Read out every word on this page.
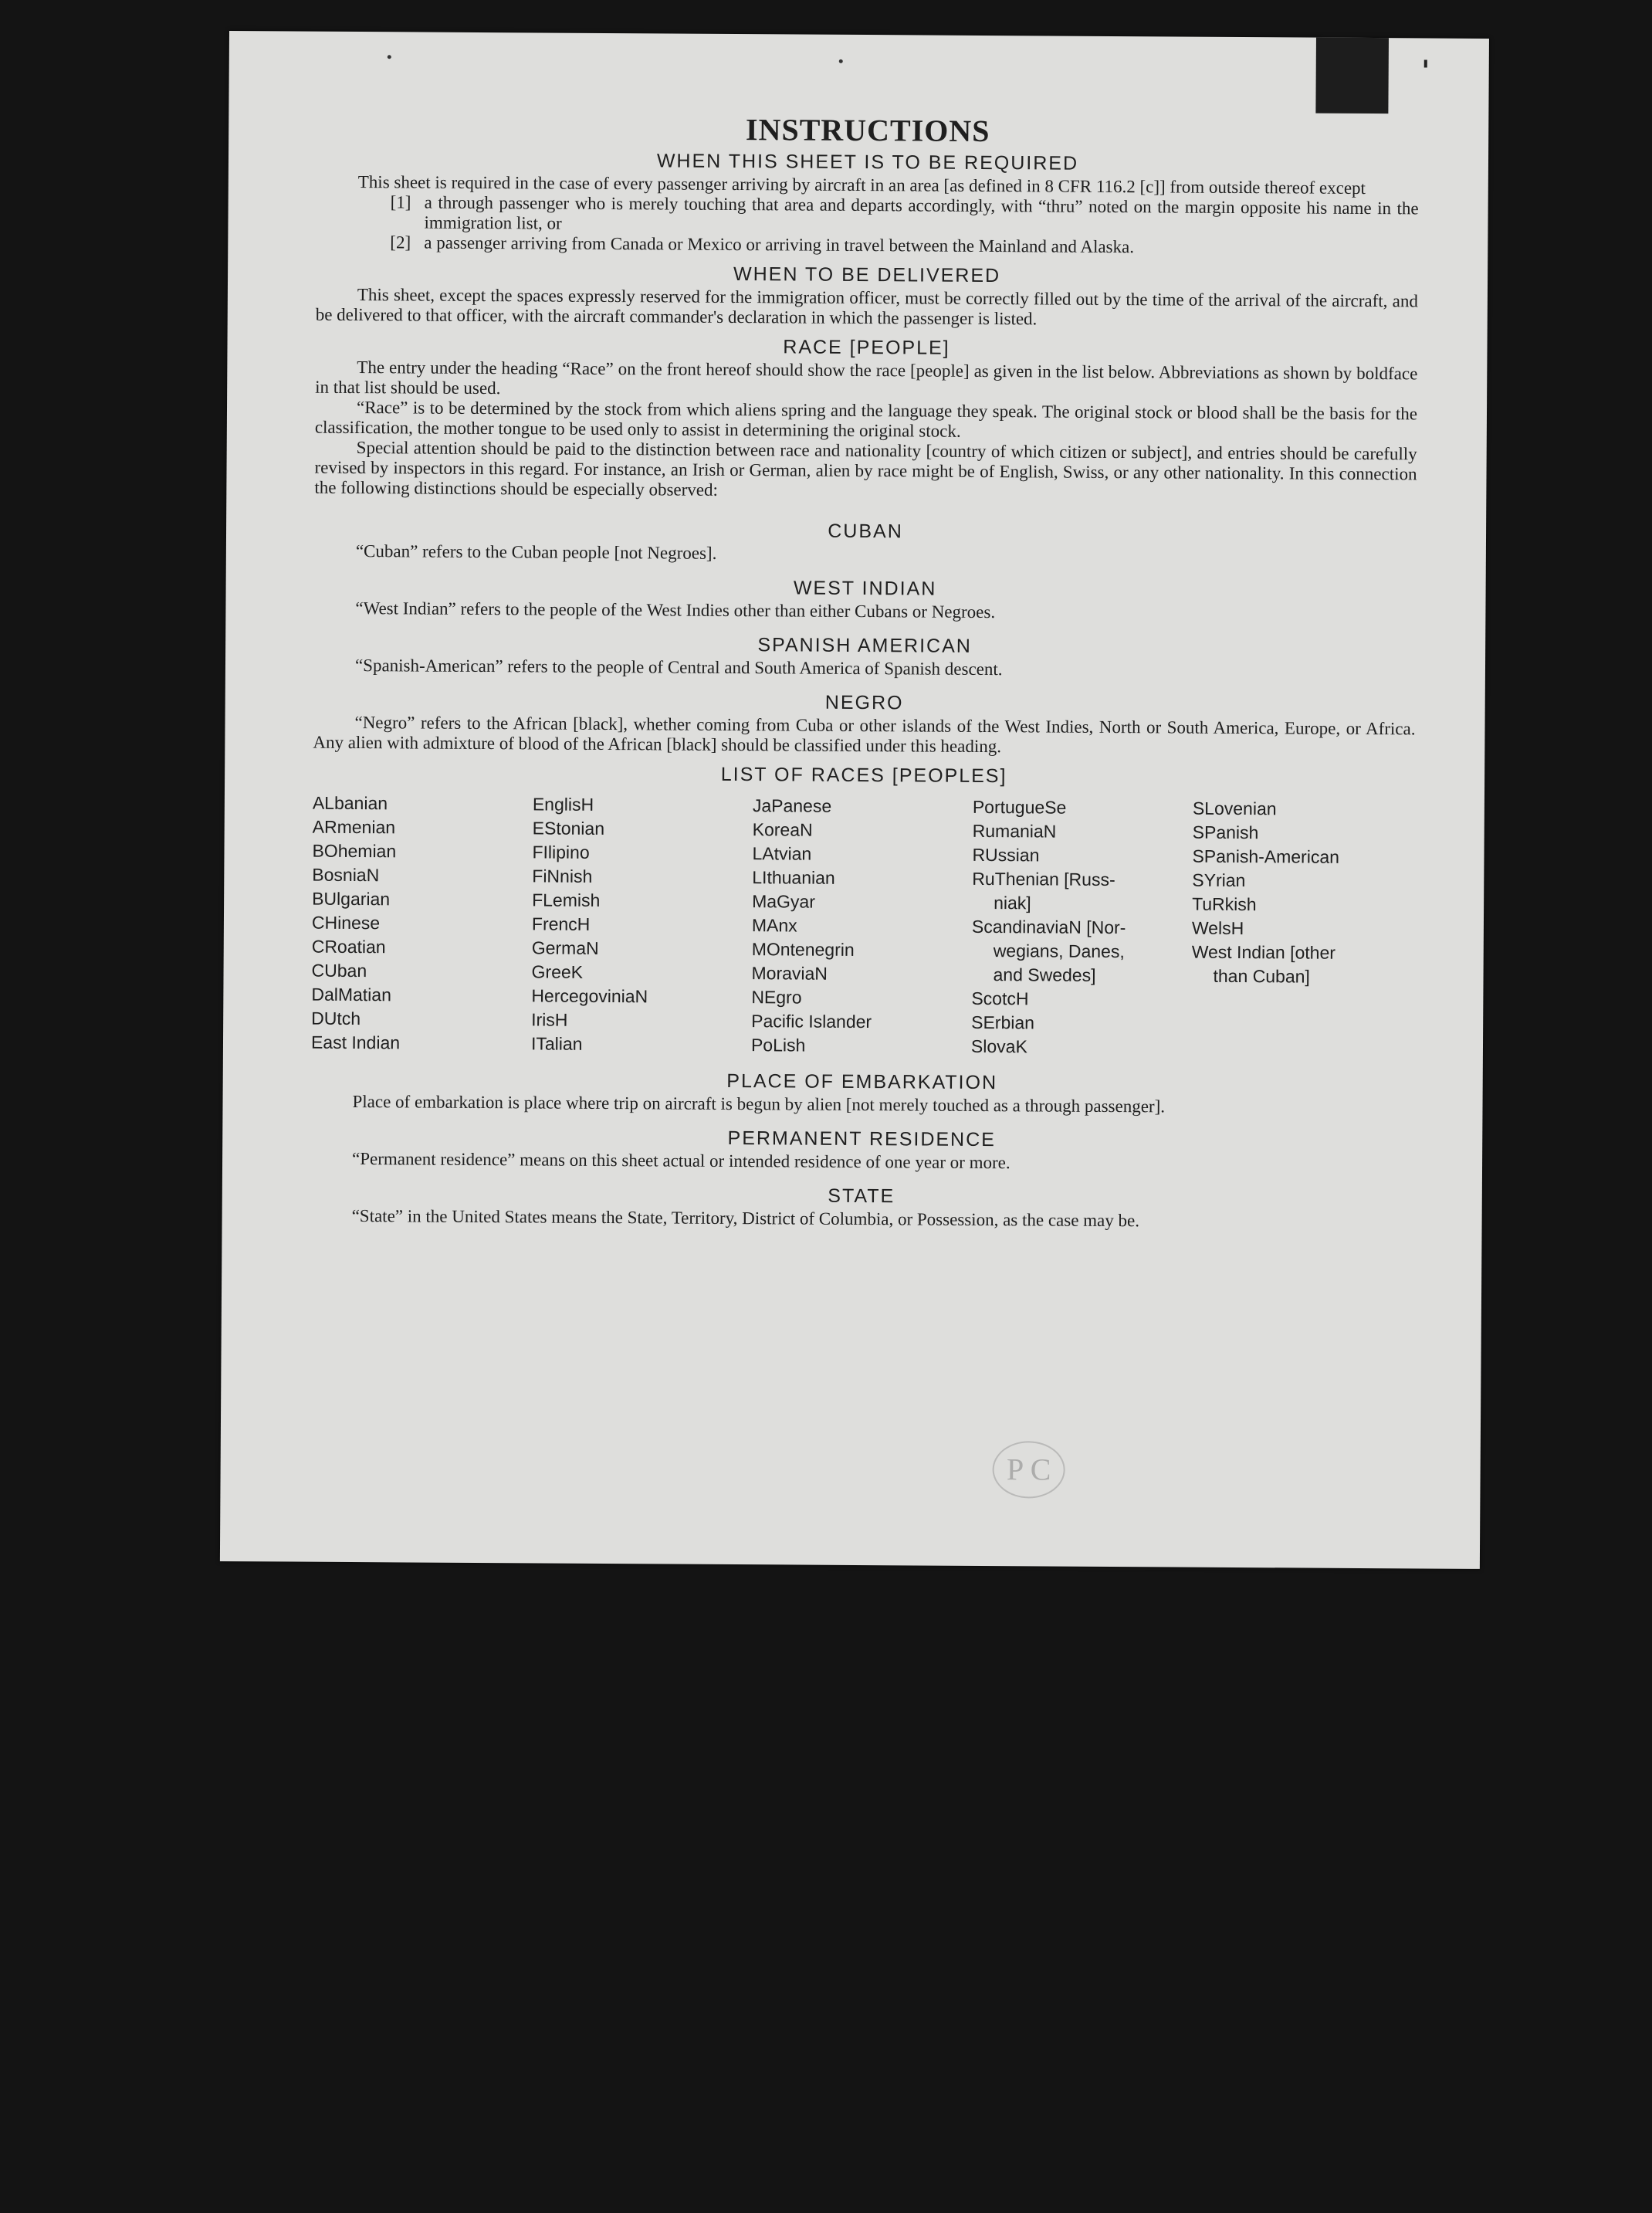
INSTRUCTIONS
WHEN THIS SHEET IS TO BE REQUIRED

This sheet is required in the case of every passenger arriving by aircraft in an area [as defined in 8 CFR 116.2 [c]] from outside thereof except

[1] a through passenger who is merely touching that area and departs accordingly, with “thru” noted on the margin opposite his name in the immigration list, or
[2] a passenger arriving from Canada or Mexico or arriving in travel between the Mainland and Alaska.
WHEN TO BE DELIVERED

This sheet, except the spaces expressly reserved for the immigration officer, must be correctly filled out by the time of the arrival of the aircraft, and be delivered to that officer, with the aircraft commander's declaration in which the passenger is listed.

RACE [PEOPLE]

The entry under the heading “Race” on the front hereof should show the race [people] as given in the list below. Abbreviations as shown by boldface in that list should be used.

“Race” is to be determined by the stock from which aliens spring and the language they speak. The original stock or blood shall be the basis for the classification, the mother tongue to be used only to assist in determining the original stock.

Special attention should be paid to the distinction between race and nationality [country of which citizen or subject], and entries should be carefully revised by inspectors in this regard. For instance, an Irish or German, alien by race might be of English, Swiss, or any other nationality. In this connection the following distinctions should be especially observed:

CUBAN

“Cuban” refers to the Cuban people [not Negroes].

WEST INDIAN

“West Indian” refers to the people of the West Indies other than either Cubans or Negroes.

SPANISH AMERICAN

“Spanish-American” refers to the people of Central and South America of Spanish descent.

NEGRO

“Negro” refers to the African [black], whether coming from Cuba or other islands of the West Indies, North or South America, Europe, or Africa. Any alien with admixture of blood of the African [black] should be classified under this heading.

LIST OF RACES [PEOPLES]
ALbanian
ARmenian
BOhemian
BosniaN
BUlgarian
CHinese
CRoatian
CUban
DalMatian
DUtch
East Indian
EnglisH
EStonian
FIlipino
FiNnish
FLemish
FrencH
GermaN
GreeK
HercegoviniaN
IrisH
ITalian
JaPanese
KoreaN
LAtvian
LIthuanian
MaGyar
MAnx
MOntenegrin
MoraviaN
NEgro
Pacific Islander
PoLish
PortugueSe
RumaniaN
RUssian
RuThenian [Russ-
niak]
ScandinaviaN [Nor-
wegians, Danes,
and Swedes]
ScotcH
SErbian
SlovaK
SLovenian
SPanish
SPanish-American
SYrian
TuRkish
WelsH
West Indian [other
than Cuban]
PLACE OF EMBARKATION

Place of embarkation is place where trip on aircraft is begun by alien [not merely touched as a through passenger].

PERMANENT RESIDENCE

“Permanent residence” means on this sheet actual or intended residence of one year or more.

STATE

“State” in the United States means the State, Territory, District of Columbia, or Possession, as the case may be.

P C
